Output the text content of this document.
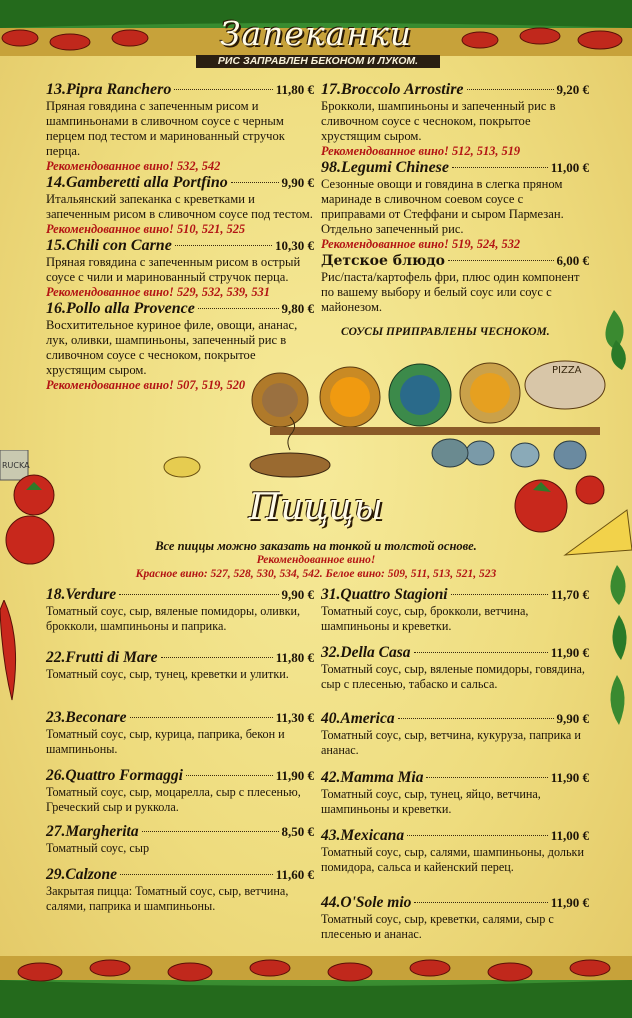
Запеканки
РИС ЗАПРАВЛЕН БЕКОНОМ И ЛУКОМ.
13.Pipra Ranchero	11,80 €
Пряная говядина с запеченным рисом и шампиньонами в сливочном соусе с черным перцем под тестом и маринованный стручок перца.
Рекомендованное вино! 532, 542
14.Gamberetti alla Portfino	9,90 €
Итальянский запеканка с креветками и запеченным рисом в сливочном соусе под тестом. Рекомендованное вино! 510, 521, 525
15.Chili con Carne	10,30 €
Пряная говядина с запеченным рисом в острый соусе с чили и маринованный стручок перца.
Рекомендованное вино! 529, 532, 539, 531
16.Pollo alla Provence	9,80 €
Восхитительное куриное филе, овощи, ананас, лук, оливки, шампиньоны, запеченный рис в сливочном соусе с чесноком, покрытое хрустящим сыром.
Рекомендованное вино! 507, 519, 520
17.Broccolo Arrostire	9,20 €
Брокколи, шампиньоны и запеченный рис в сливочном соусе с чесноком, покрытое хрустящим сыром.
Рекомендованное вино! 512, 513, 519
98.Legumi Chinese	11,00 €
Сезонные овощи и говядина в слегка пряном маринаде в сливочном соевом соусе с приправами от Стеффани и сыром Пармезан. Отдельно запеченный рис.
Рекомендованное вино! 519, 524, 532
Детское блюдо	6,00 €
Рис/паста/картофель фри, плюс один компонент по вашему выбору и белый соус или соус с майонезом.
СОУСЫ ПРИПРАВЛЕНЫ ЧЕСНОКОМ.
PIZZA
RUCKA
Пиццы
Все пиццы можно заказать на тонкой и толстой основе.
Рекомендованное вино!
Красное вино: 527, 528, 530, 534, 542. Белое вино: 509, 511, 513, 521, 523
18.Verdure	9,90 €
Томатный соус, сыр, вяленые помидоры, оливки, брокколи, шампиньоны и паприка.
22.Frutti di Mare	11,80 €
Томатный соус, сыр, тунец, креветки и улитки.
23.Beconare	11,30 €
Томатный соус, сыр, курица, паприка, бекон и шампиньоны.
26.Quattro Formaggi	11,90 €
Томатный соус, сыр, моцарелла, сыр с плесенью, Греческий сыр и руккола.
27.Margherita	8,50 €
Томатный соус, сыр
29.Calzone	11,60 €
Закрытая пицца: Томатный соус, сыр, ветчина, салями, паприка и шампиньоны.
31.Quattro Stagioni	11,70 €
Томатный соус, сыр, брокколи, ветчина, шампиньоны и креветки.
32.Della Casa	11,90 €
Томатный соус, сыр, вяленые помидоры, говядина, сыр с плесенью, табаско и сальса.
40.America	9,90 €
Томатный соус, сыр, ветчина, кукуруза, паприка и ананас.
42.Mamma Mia	11,90 €
Томатный соус, сыр, тунец, яйцо, ветчина, шампиньоны и креветки.
43.Mexicana	11,00 €
Томатный соус, сыр, салями, шампиньоны, дольки помидора, сальса и кайенский перец.
44.O'Sole mio	11,90 €
Томатный соус, сыр, креветки, салями, сыр с плесенью и ананас.
